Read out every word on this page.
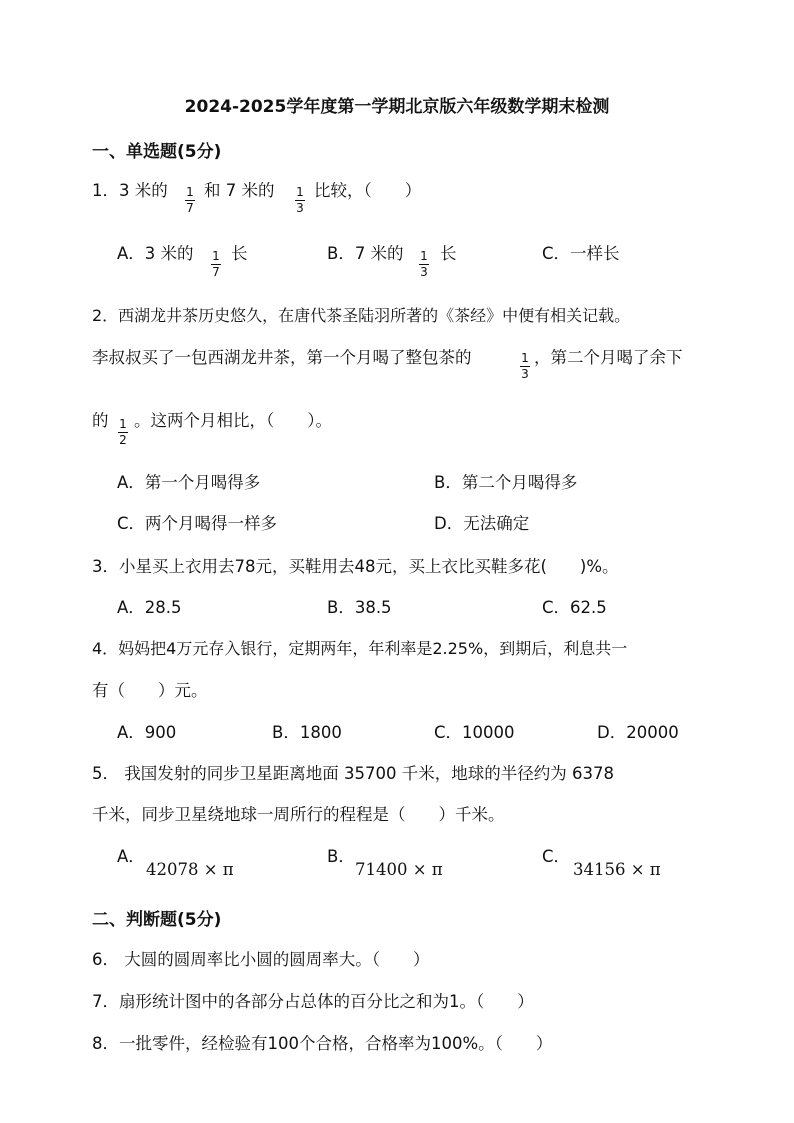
2024-2025学年度第一学期北京版六年级数学期末检测
一、单选题(5分)
1．3 米的 1
7
和 7 米的 1
3
比较，（　　）
A．3 米的 1
7
长	B．7 米的 1
3
长	C．一样长
2．西湖龙井茶历史悠久，在唐代茶圣陆羽所著的《茶经》中便有相关记载。
李叔叔买了一包西湖龙井茶，第一个月喝了整包茶的	1
3
，第二个月喝了余下
的 1
2
。这两个月相比，（　　）。
A．第一个月喝得多	B．第二个月喝得多
C．两个月喝得一样多	D．无法确定
3．小星买上衣用去78元，买鞋用去48元，买上衣比买鞋多花(　　)%。
A．28.5	B．38.5	C．62.5
4．妈妈把4万元存入银行，定期两年，年利率是2.25%，到期后，利息共一
有（　　）元。
A．900	B．1800	C．10000	D．20000
5． 我国发射的同步卫星距离地面 35700 千米，地球的半径约为 6378
千米，同步卫星绕地球一周所行的程程是（　　）千米。
A．
42078 × π
B．
71400 × π
C．
34156 × π
二、判断题(5分)
6． 大圆的圆周率比小圆的圆周率大。（　　）
7．扇形统计图中的各部分占总体的百分比之和为1。（　　）
8．一批零件，经检验有100个合格，合格率为100%。（　　）
